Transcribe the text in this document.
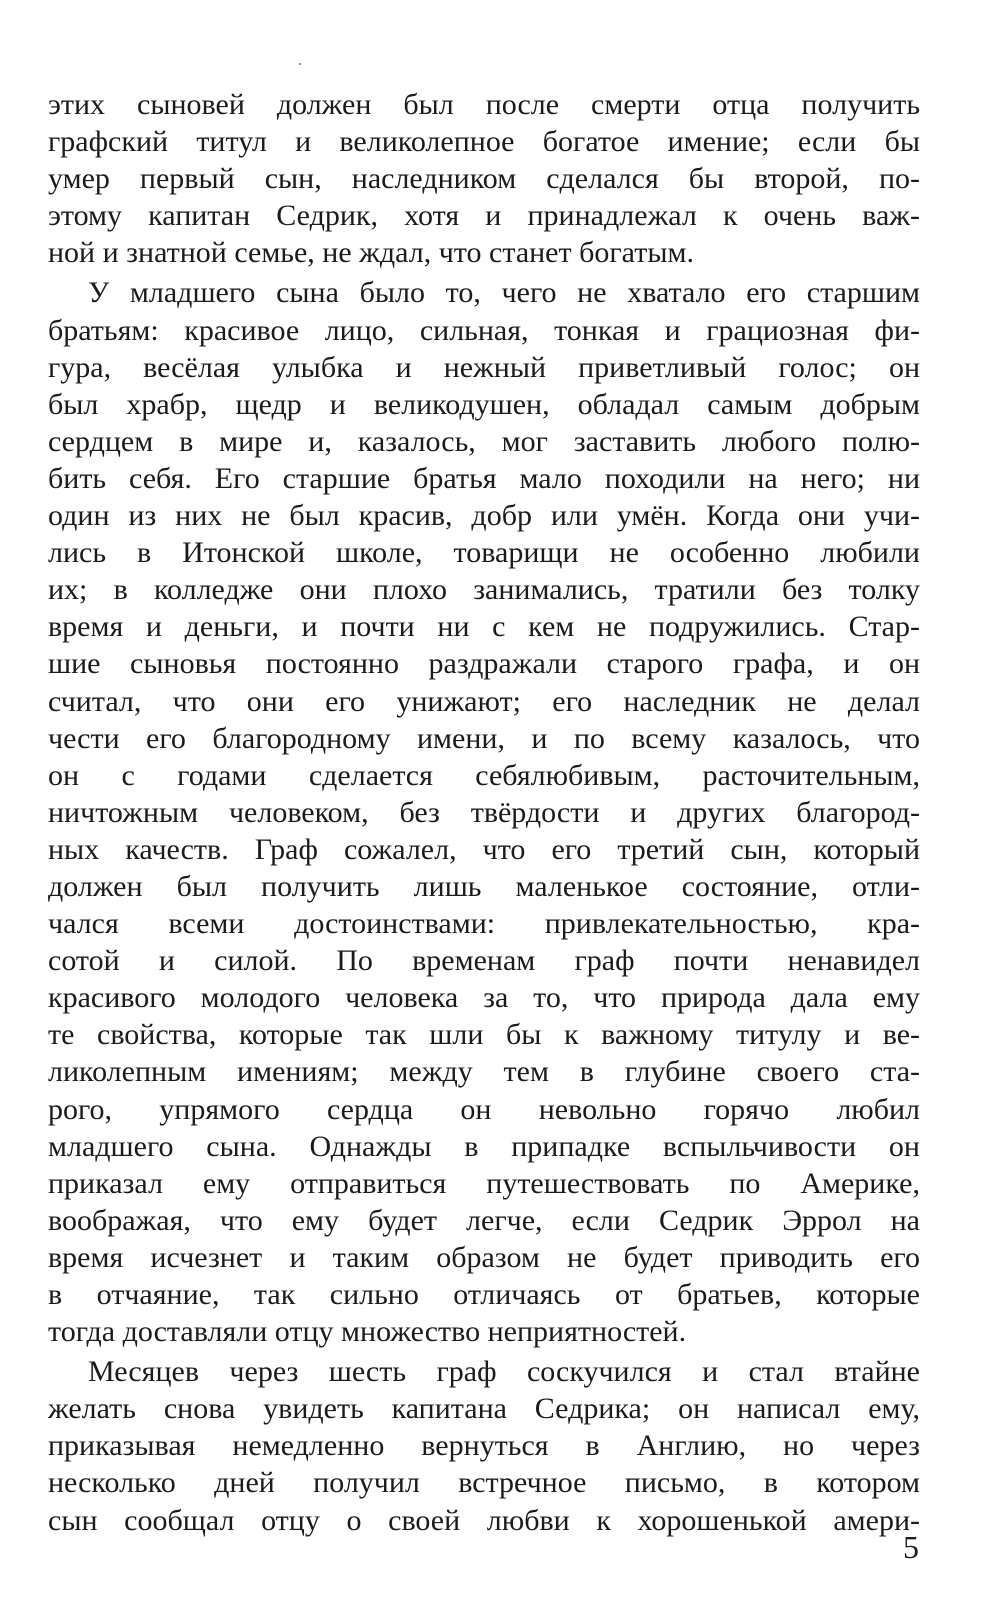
этих сыновей должен был после смерти отца получить
графский титул и великолепное богатое имение; если бы
умер первый сын, наследником сделался бы второй, по-
этому капитан Седрик, хотя и принадлежал к очень важ-
ной и знатной семье, не ждал, что станет богатым.
У младшего сына было то, чего не хватало его старшим
братьям: красивое лицо, сильная, тонкая и грациозная фи-
гура, весёлая улыбка и нежный приветливый голос; он
был храбр, щедр и великодушен, обладал самым добрым
сердцем в мире и, казалось, мог заставить любого полю-
бить себя. Его старшие братья мало походили на него; ни
один из них не был красив, добр или умён. Когда они учи-
лись в Итонской школе, товарищи не особенно любили
их; в колледже они плохо занимались, тратили без толку
время и деньги, и почти ни с кем не подружились. Стар-
шие сыновья постоянно раздражали старого графа, и он
считал, что они его унижают; его наследник не делал
чести его благородному имени, и по всему казалось, что
он с годами сделается себялюбивым, расточительным,
ничтожным человеком, без твёрдости и других благород-
ных качеств. Граф сожалел, что его третий сын, который
должен был получить лишь маленькое состояние, отли-
чался всеми достоинствами: привлекательностью, кра-
сотой и силой. По временам граф почти ненавидел
красивого молодого человека за то, что природа дала ему
те свойства, которые так шли бы к важному титулу и ве-
ликолепным имениям; между тем в глубине своего ста-
рого, упрямого сердца он невольно горячо любил
младшего сына. Однажды в припадке вспыльчивости он
приказал ему отправиться путешествовать по Америке,
воображая, что ему будет легче, если Седрик Эррол на
время исчезнет и таким образом не будет приводить его
в отчаяние, так сильно отличаясь от братьев, которые
тогда доставляли отцу множество неприятностей.
Месяцев через шесть граф соскучился и стал втайне
желать снова увидеть капитана Седрика; он написал ему,
приказывая немедленно вернуться в Англию, но через
несколько дней получил встречное письмо, в котором
сын сообщал отцу о своей любви к хорошенькой амери-
5
